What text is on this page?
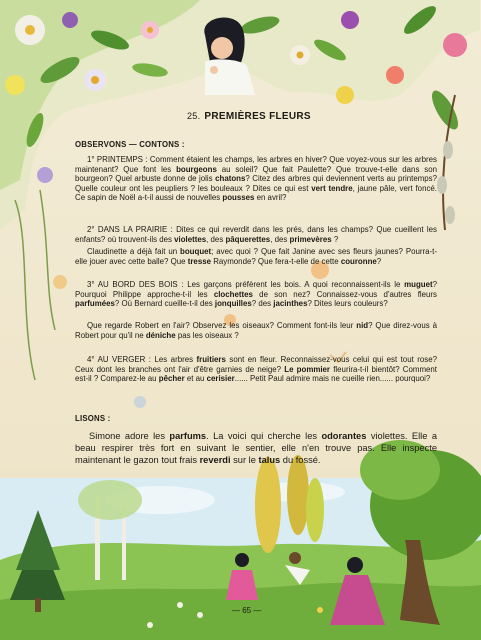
25. PREMIÈRES FLEURS
OBSERVONS — CONTONS :
1° PRINTEMPS : Comment étaient les champs, les arbres en hiver? Que voyez-vous sur les arbres maintenant? Que font les bourgeons au soleil? Que fait Paulette? Que trouve-t-elle dans son bourgeon? Quel arbuste donne de jolis chatons? Citez des arbres qui deviennent verts au printemps? Quelle couleur ont les peupliers ? les bouleaux ? Dites ce qui est vert tendre, jaune pâle, vert foncé. Ce sapin de Noël a-t-il aussi de nouvelles pousses en avril?
2° DANS LA PRAIRIE : Dites ce qui reverdit dans les prés, dans les champs? Que cueillent les enfants? où trouvent-ils des violettes, des pâquerettes, des primevères ?
Claudinette a déjà fait un bouquet; avec quoi ? Que fait Janine avec ses fleurs jaunes? Pourra-t-elle jouer avec cette balle? Que tresse Raymonde? Que fera-t-elle de cette couronne?
3° AU BORD DES BOIS : Les garçons préfèrent les bois. A quoi reconnaissent-ils le muguet? Pourquoi Philippe approche-t-il les clochettes de son nez? Connaissez-vous d'autres fleurs parfumées? Où Bernard cueille-t-il des jonquilles? des jacinthes? Dites leurs couleurs?
Que regarde Robert en l'air? Observez les oiseaux? Comment font-ils leur nid? Que direz-vous à Robert pour qu'il ne déniche pas les oiseaux ?
4° AU VERGER : Les arbres fruitiers sont en fleur. Reconnaissez-vous celui qui est tout rose? Ceux dont les branches ont l'air d'être garnies de neige? Le pommier fleurira-t-il bientôt? Comment est-il ? Comparez-le au pêcher et au cerisier...... Petit Paul admire mais ne cueille rien...... pourquoi?
LISONS :
Simone adore les parfums. La voici qui cherche les odorantes violettes. Elle a beau respirer très fort en suivant le sentier, elle n'en trouve pas. Elle inspecte maintenant le gazon tout frais reverdi sur le talus du fossé.
— 65 —
